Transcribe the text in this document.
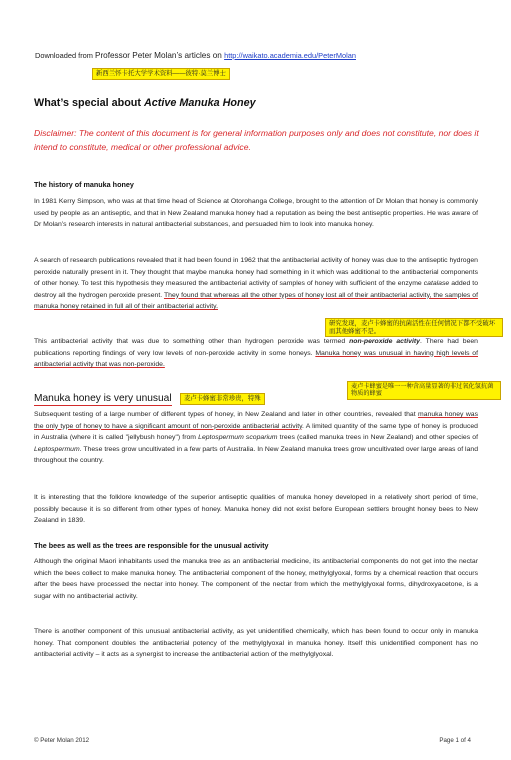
Downloaded from Professor Peter Molan’s articles on http://waikato.academia.edu/PeterMolan
新西兰怀卡托大学学术资料——彼特·莫兰博士
What’s special about Active Manuka Honey
Disclaimer: The content of this document is for general information purposes only and does not constitute, nor does it intend to constitute, medical or other professional advice.
The history of manuka honey

In 1981 Kerry Simpson, who was at that time head of Science at Otorohanga College, brought to the attention of Dr Molan that honey is commonly used by people as an antiseptic, and that in New Zealand manuka honey had a reputation as being the best antiseptic properties. He was aware of Dr Molan’s research interests in natural antibacterial substances, and persuaded him to look into manuka honey.

A search of research publications revealed that it had been found in 1962 that the antibacterial activity of honey was due to the antiseptic hydrogen peroxide naturally present in it. They thought that maybe manuka honey had something in it which was additional to the antibacterial components of other honey. To test this hypothesis they measured the antibacterial activity of samples of honey with sufficient of the enzyme catalase added to destroy all the hydrogen peroxide present. They found that whereas all the other types of honey lost all of their antibacterial activity, the samples of manuka honey retained in full all of their antibacterial activity.

研究发现，麦卢卡蜂蜜的抗菌活性在任何情况下都不受破坏而其他蜂蜜不是。

This antibacterial activity that was due to something other than hydrogen peroxide was termed non-peroxide activity. There had been publications reporting findings of very low levels of non-peroxide activity in some honeys. Manuka honey was unusual in having high levels of antibacterial activity that was non-peroxide.

Manuka honey is very unusual	麦卢卡蜂蜜非常珍贵，特殊
麦卢卡蜂蜜是唯一一种含高量显著的非过氧化氢抗菌物质的蜂蜜

Subsequent testing of a large number of different types of honey, in New Zealand and later in other countries, revealed that manuka honey was the only type of honey to have a significant amount of non-peroxide antibacterial activity. A limited quantity of the same type of honey is produced in Australia (where it is called "jellybush honey") from Leptospermum scoparium trees (called manuka trees in New Zealand) and other species of Leptospermum. These trees grow uncultivated in a few parts of Australia. In New Zealand manuka trees grow uncultivated over large areas of land throughout the country.

It is interesting that the folklore knowledge of the superior antiseptic qualities of manuka honey developed in a relatively short period of time, possibly because it is so different from other types of honey. Manuka honey did not exist before European settlers brought honey bees to New Zealand in 1839.

The bees as well as the trees are responsible for the unusual activity

Although the original Maori inhabitants used the manuka tree as an antibacterial medicine, its antibacterial components do not get into the nectar which the bees collect to make manuka honey. The antibacterial component of the honey, methylglyoxal, forms by a chemical reaction that occurs after the bees have processed the nectar into honey. The component of the nectar from which the methylglyoxal forms, dihydroxyacetone, is a sugar with no antibacterial activity.

There is another component of this unusual antibacterial activity, as yet unidentified chemically, which has been found to occur only in manuka honey. That component doubles the antibacterial potency of the methylglyoxal in manuka honey. Itself this unidentified component has no antibacterial activity – it acts as a synergist to increase the antibacterial action of the methylglyoxal.

© Peter Molan 2012	Page 1 of 4
